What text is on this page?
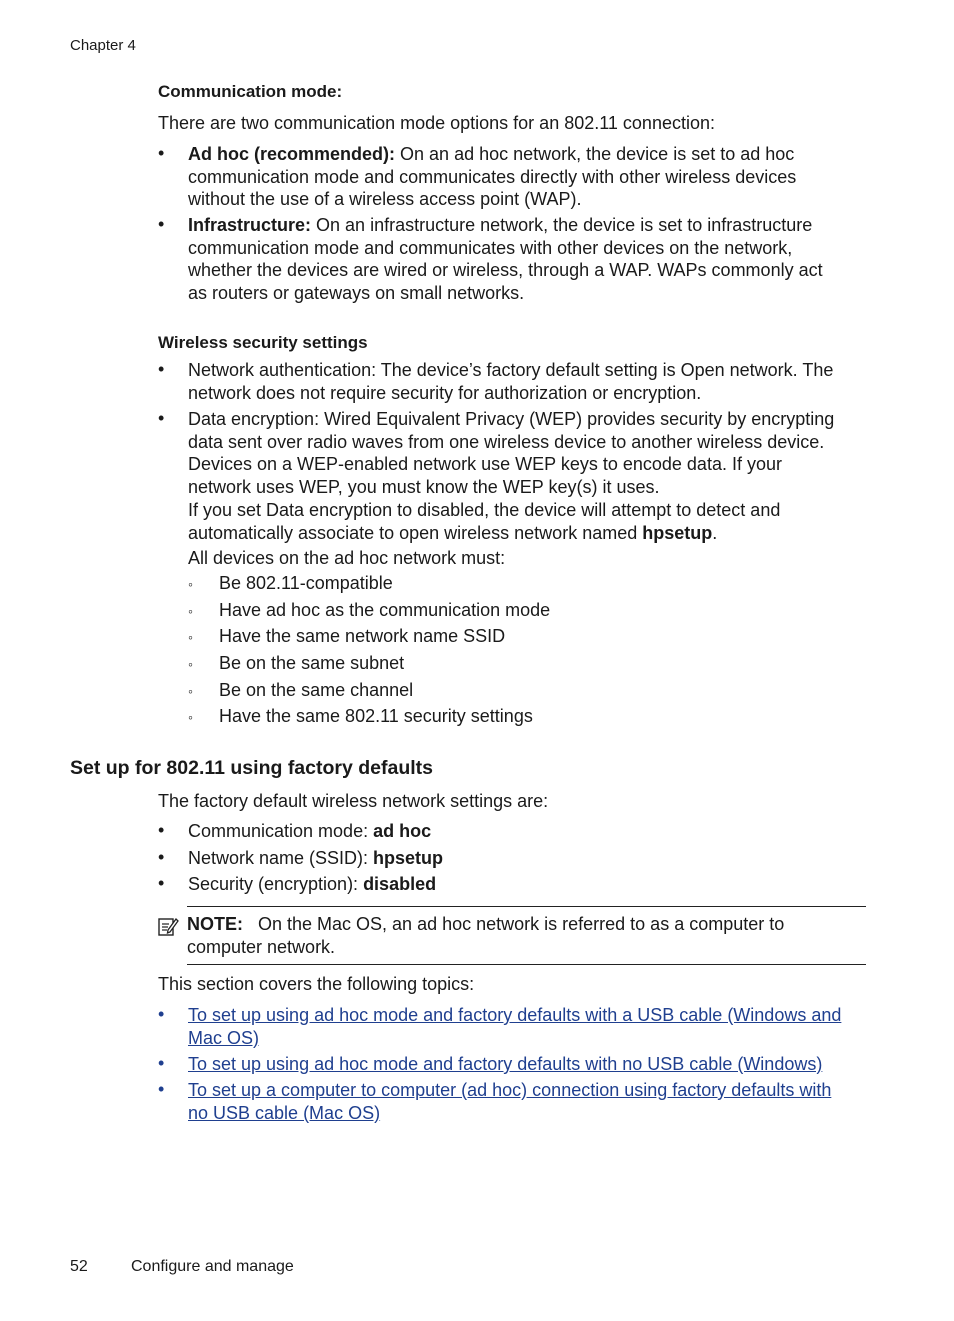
Chapter 4
Communication mode:
There are two communication mode options for an 802.11 connection:
• Ad hoc (recommended): On an ad hoc network, the device is set to ad hoc
communication mode and communicates directly with other wireless devices
without the use of a wireless access point (WAP).
• Infrastructure: On an infrastructure network, the device is set to infrastructure
communication mode and communicates with other devices on the network,
whether the devices are wired or wireless, through a WAP. WAPs commonly act
as routers or gateways on small networks.
Wireless security settings
• Network authentication: The device’s factory default setting is Open network. The
network does not require security for authorization or encryption.
• Data encryption: Wired Equivalent Privacy (WEP) provides security by encrypting
data sent over radio waves from one wireless device to another wireless device.
Devices on a WEP-enabled network use WEP keys to encode data. If your
network uses WEP, you must know the WEP key(s) it uses.
If you set Data encryption to disabled, the device will attempt to detect and
automatically associate to open wireless network named hpsetup.
All devices on the ad hoc network must:
◦ Be 802.11-compatible
◦ Have ad hoc as the communication mode
◦ Have the same network name SSID
◦ Be on the same subnet
◦ Be on the same channel
◦ Have the same 802.11 security settings
Set up for 802.11 using factory defaults
The factory default wireless network settings are:
• Communication mode: ad hoc
• Network name (SSID): hpsetup
• Security (encryption): disabled
NOTE: On the Mac OS, an ad hoc network is referred to as a computer to
computer network.
This section covers the following topics:
• To set up using ad hoc mode and factory defaults with a USB cable (Windows and
Mac OS)
• To set up using ad hoc mode and factory defaults with no USB cable (Windows)
• To set up a computer to computer (ad hoc) connection using factory defaults with
no USB cable (Mac OS)
52	Configure and manage
